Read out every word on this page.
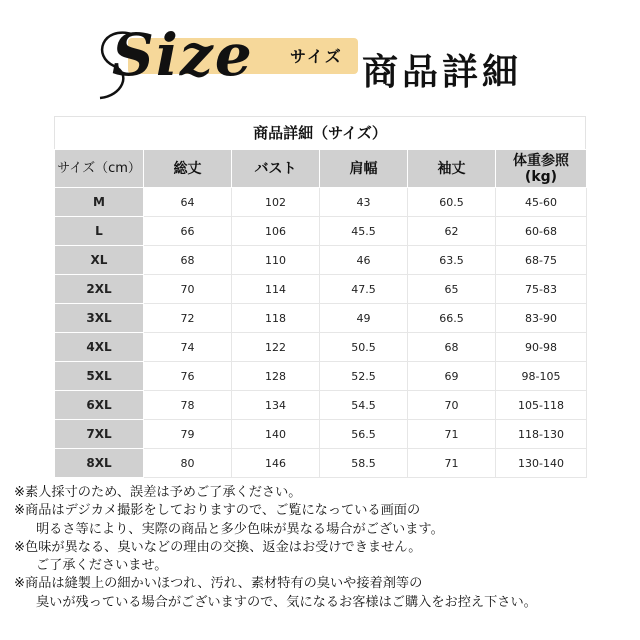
Size サイズ 商品詳細
商品詳細（サイズ）
サイズ（cm）	総丈	バスト	肩幅	袖丈	体重参照
(kg)
M	64	102	43	60.5	45-60
L	66	106	45.5	62	60-68
XL	68	110	46	63.5	68-75
2XL	70	114	47.5	65	75-83
3XL	72	118	49	66.5	83-90
4XL	74	122	50.5	68	90-98
5XL	76	128	52.5	69	98-105
6XL	78	134	54.5	70	105-118
7XL	79	140	56.5	71	118-130
8XL	80	146	58.5	71	130-140
※素人採寸のため、誤差は予めご了承ください。
※商品はデジカメ撮影をしておりますので、ご覧になっている画面の
明るさ等により、実際の商品と多少色味が異なる場合がございます。
※色味が異なる、臭いなどの理由の交換、返金はお受けできません。
ご了承くださいませ。
※商品は縫製上の細かいほつれ、汚れ、素材特有の臭いや接着剤等の
臭いが残っている場合がございますので、気になるお客様はご購入をお控え下さい。
